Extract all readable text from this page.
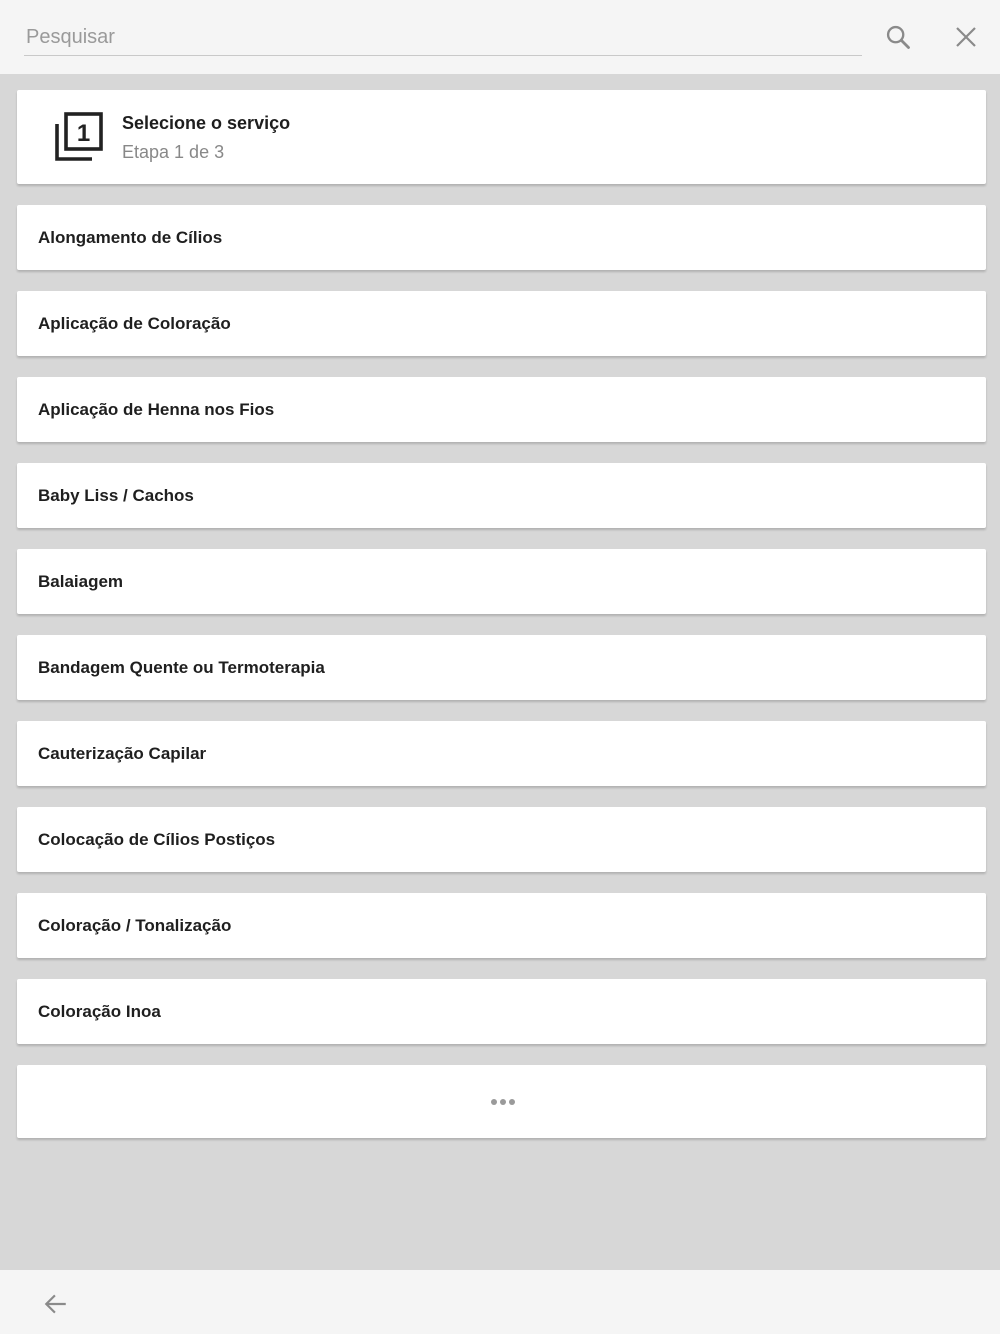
Pesquisar
1 Selecione o serviço
Etapa 1 de 3
Alongamento de Cílios
Aplicação de Coloração
Aplicação de Henna nos Fios
Baby Liss / Cachos
Balaiagem
Bandagem Quente ou Termoterapia
Cauterização Capilar
Colocação de Cílios Postiços
Coloração / Tonalização
Coloração Inoa
